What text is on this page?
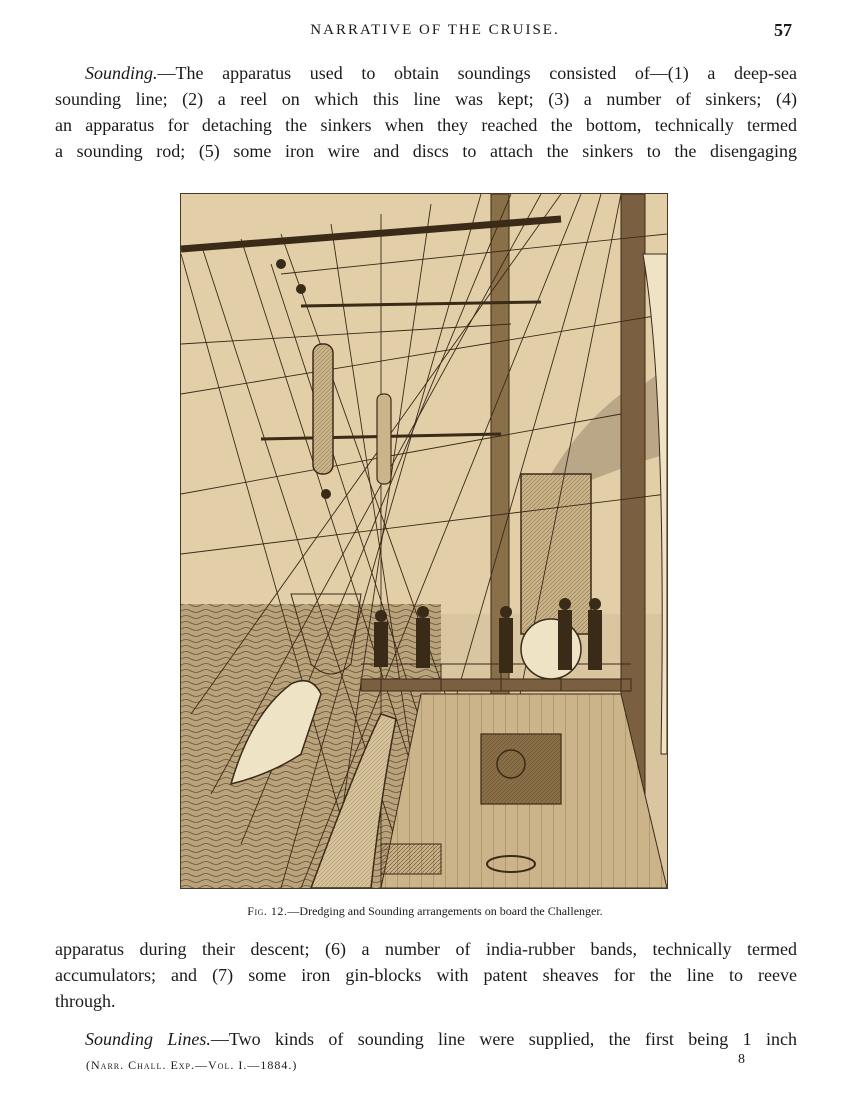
NARRATIVE OF THE CRUISE.	57
Sounding.—The apparatus used to obtain soundings consisted of—(1) a deep-sea
sounding line; (2) a reel on which this line was kept; (3) a number of sinkers; (4)
an apparatus for detaching the sinkers when they reached the bottom, technically termed
a sounding rod; (5) some iron wire and discs to attach the sinkers to the disengaging
Fig. 12.—Dredging and Sounding arrangements on board the Challenger.
apparatus during their descent; (6) a number of india-rubber bands, technically termed
accumulators; and (7) some iron gin-blocks with patent sheaves for the line to reeve
through.
Sounding Lines.—Two kinds of sounding line were supplied, the first being 1 inch
(Narr. Chall. Exp.—Vol. I.—1884.)	8
